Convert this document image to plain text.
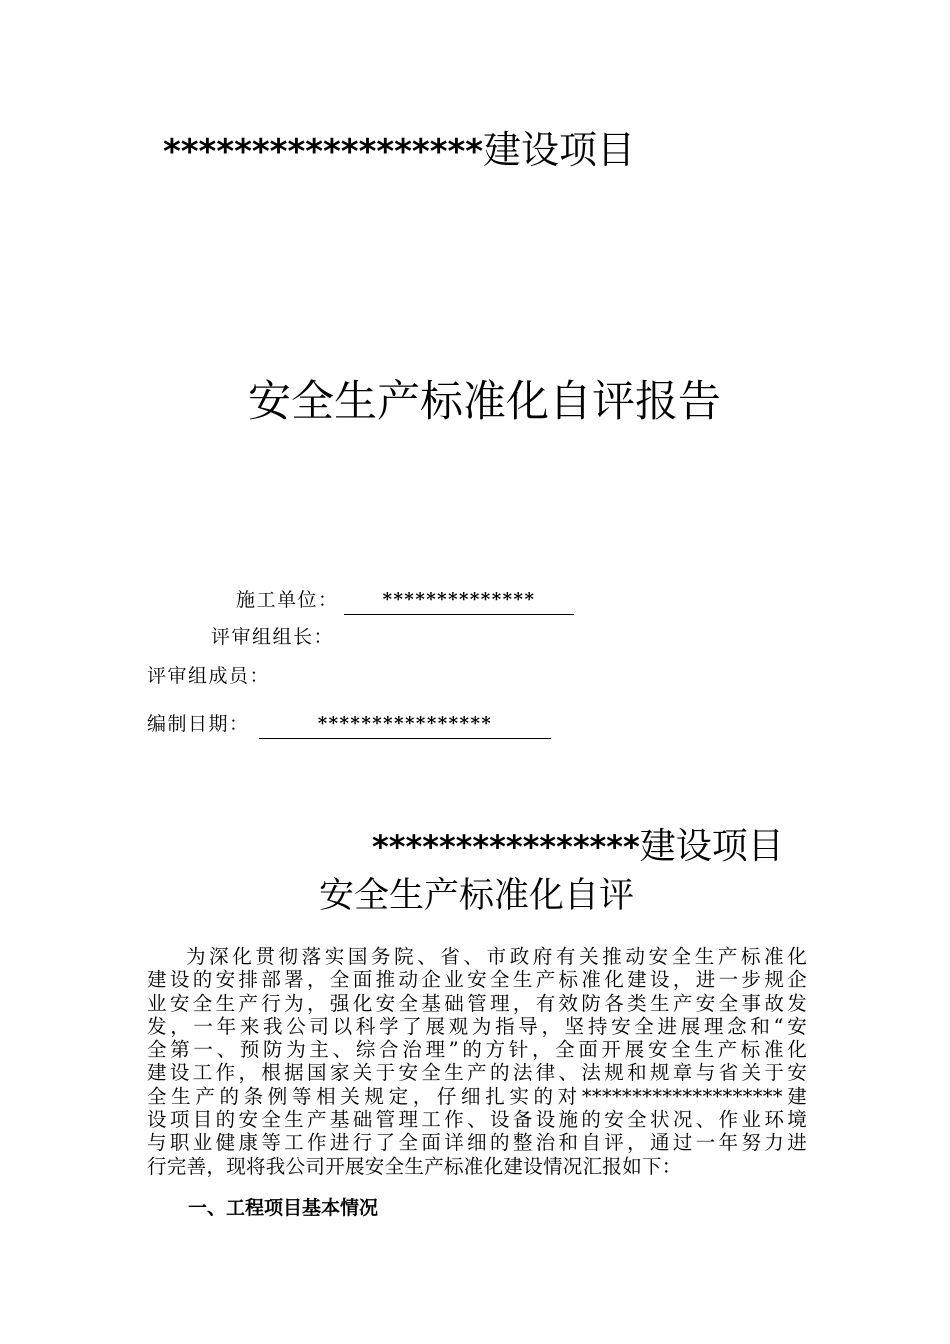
******************建设项目
安全生产标准化自评报告
施工单位：	**************
评审组组长：
评审组成员：
编制日期：	****************
****************建设项目
安全生产标准化自评
为深化贯彻落实国务院、省、市政府有关推动安全生产标准化
建设的安排部署，全面推动企业安全生产标准化建设，进一步规企
业安全生产行为，强化安全基础管理，有效防各类生产安全事故发
发，一年来我公司以科学了展观为指导，坚持安全进展理念和“安
全第一、预防为主、综合治理”的方针，全面开展安全生产标准化
建设工作，根据国家关于安全生产的法律、法规和规章与省关于安
全生产的条例等相关规定，仔细扎实的对********************建
设项目的安全生产基础管理工作、设备设施的安全状况、作业环境
与职业健康等工作进行了全面详细的整治和自评，通过一年努力进
行完善，现将我公司开展安全生产标准化建设情况汇报如下：
一、工程项目基本情况
